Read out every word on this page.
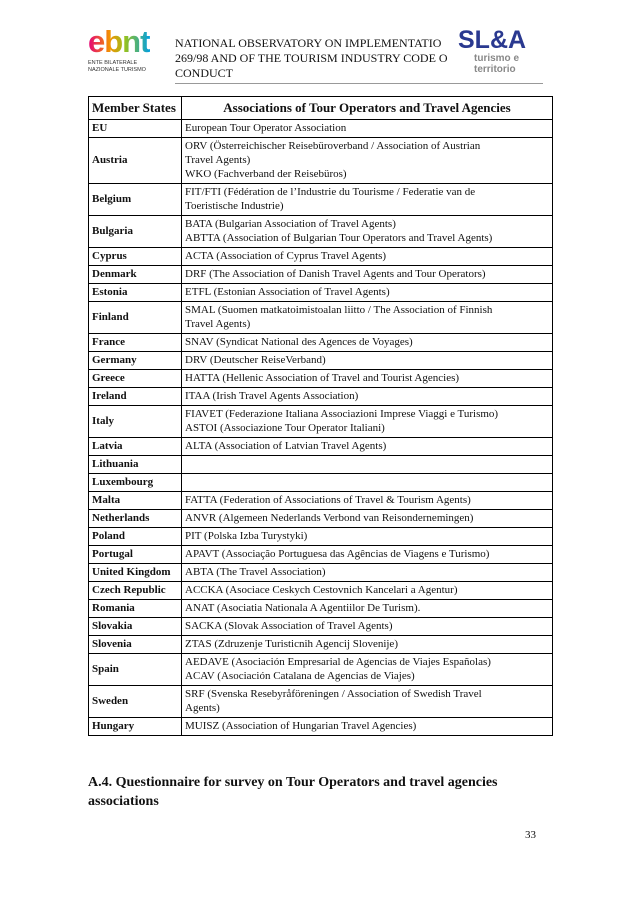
ebnt
ENTE BILATERALE
NAZIONALE TURISMO
NATIONAL OBSERVATORY ON IMPLEMENTATIO
269/98 AND OF THE TOURISM INDUSTRY CODE O
CONDUCT
SL&A
turismo e territorio
Member States	Associations of Tour Operators and Travel Agencies
EU	European Tour Operator Association

Austria	ORV (Österreichischer Reisebüroverband / Association of Austrian
Travel Agents)
WKO (Fachverband der Reisebüros)

Belgium	FIT/FTI (Fédération de l’Industrie du Tourisme / Federatie van de
Toeristische Industrie)

Bulgaria	BATA (Bulgarian Association of Travel Agents)
ABTTA (Association of Bulgarian Tour Operators and Travel Agents)

Cyprus	ACTA (Association of Cyprus Travel Agents)

Denmark	DRF (The Association of Danish Travel Agents and Tour Operators)

Estonia	ETFL (Estonian Association of Travel Agents)

Finland	SMAL (Suomen matkatoimistoalan liitto / The Association of Finnish
Travel Agents)

France	SNAV (Syndicat National des Agences de Voyages)

Germany	DRV (Deutscher ReiseVerband)

Greece	HATTA (Hellenic Association of Travel and Tourist Agencies)

Ireland	ITAA (Irish Travel Agents Association)

Italy	FIAVET (Federazione Italiana Associazioni Imprese Viaggi e Turismo)
ASTOI (Associazione Tour Operator Italiani)

Latvia	ALTA (Association of Latvian Travel Agents)

Lithuania	

Luxembourg	

Malta	FATTA (Federation of Associations of Travel & Tourism Agents)

Netherlands	ANVR (Algemeen Nederlands Verbond van Reisondernemingen)

Poland	PIT (Polska Izba Turystyki)

Portugal	APAVT (Associação Portuguesa das Agências de Viagens e Turismo)

United Kingdom	ABTA (The Travel Association)

Czech Republic	ACCKA (Asociace Ceskych Cestovnich Kancelari a Agentur)

Romania	ANAT (Asociatia Nationala A Agentiilor De Turism).

Slovakia	SACKA (Slovak Association of Travel Agents)

Slovenia	ZTAS (Zdruzenje Turisticnih Agencij Slovenije)

Spain	AEDAVE (Asociación Empresarial de Agencias de Viajes Españolas)
ACAV (Asociación Catalana de Agencias de Viajes)

Sweden	SRF (Svenska Resebyråföreningen / Association of Swedish Travel
Agents)

Hungary	MUISZ (Association of Hungarian Travel Agencies)
A.4. Questionnaire for survey on Tour Operators and travel agencies associations
33
